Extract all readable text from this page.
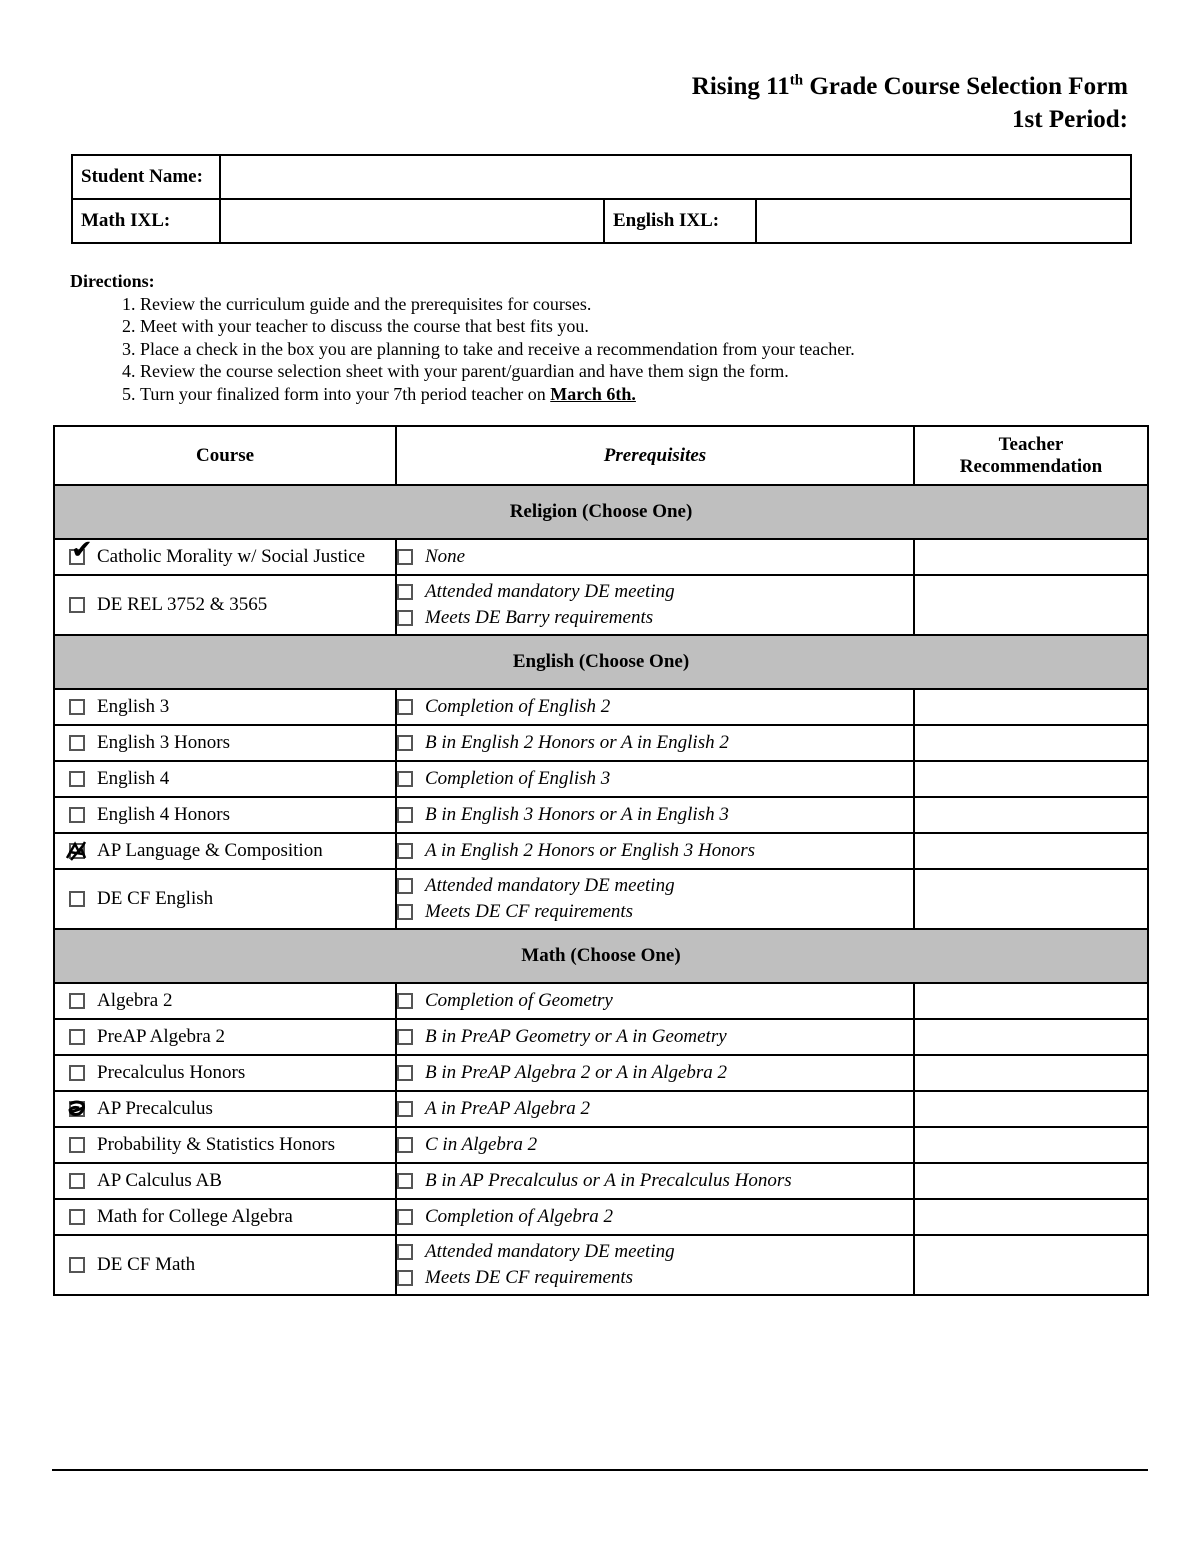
Rising 11th Grade Course Selection Form
1st Period:
Student Name:			
Math IXL:		English IXL:	
Directions:
1. Review the curriculum guide and the prerequisites for courses.
2. Meet with your teacher to discuss the course that best fits you.
3. Place a check in the box you are planning to take and receive a recommendation from your teacher.
4. Review the course selection sheet with your parent/guardian and have them sign the form.
5. Turn your finalized form into your 7th period teacher on March 6th.
Course	Prerequisites	Teacher
Recommendation
Religion (Choose One)		

✔ Catholic Morality w/ Social Justice	None	

DE REL 3752 & 3565	Attended mandatory DE meeting
Meets DE Barry requirements	

English (Choose One)		

English 3	Completion of English 2	

English 3 Honors	B in English 2 Honors or A in English 2	

English 4	Completion of English 3	

English 4 Honors	B in English 3 Honors or A in English 3	

AP Language & Composition	A in English 2 Honors or English 3 Honors	

DE CF English	Attended mandatory DE meeting
Meets DE CF requirements	

Math (Choose One)		

Algebra 2	Completion of Geometry	

PreAP Algebra 2	B in PreAP Geometry or A in Geometry	

Precalculus Honors	B in PreAP Algebra 2 or A in Algebra 2	

AP Precalculus	A in PreAP Algebra 2	

Probability & Statistics Honors	C in Algebra 2	

AP Calculus AB	B in AP Precalculus or A in Precalculus Honors	

Math for College Algebra	Completion of Algebra 2	

DE CF Math	Attended mandatory DE meeting
Meets DE CF requirements	
